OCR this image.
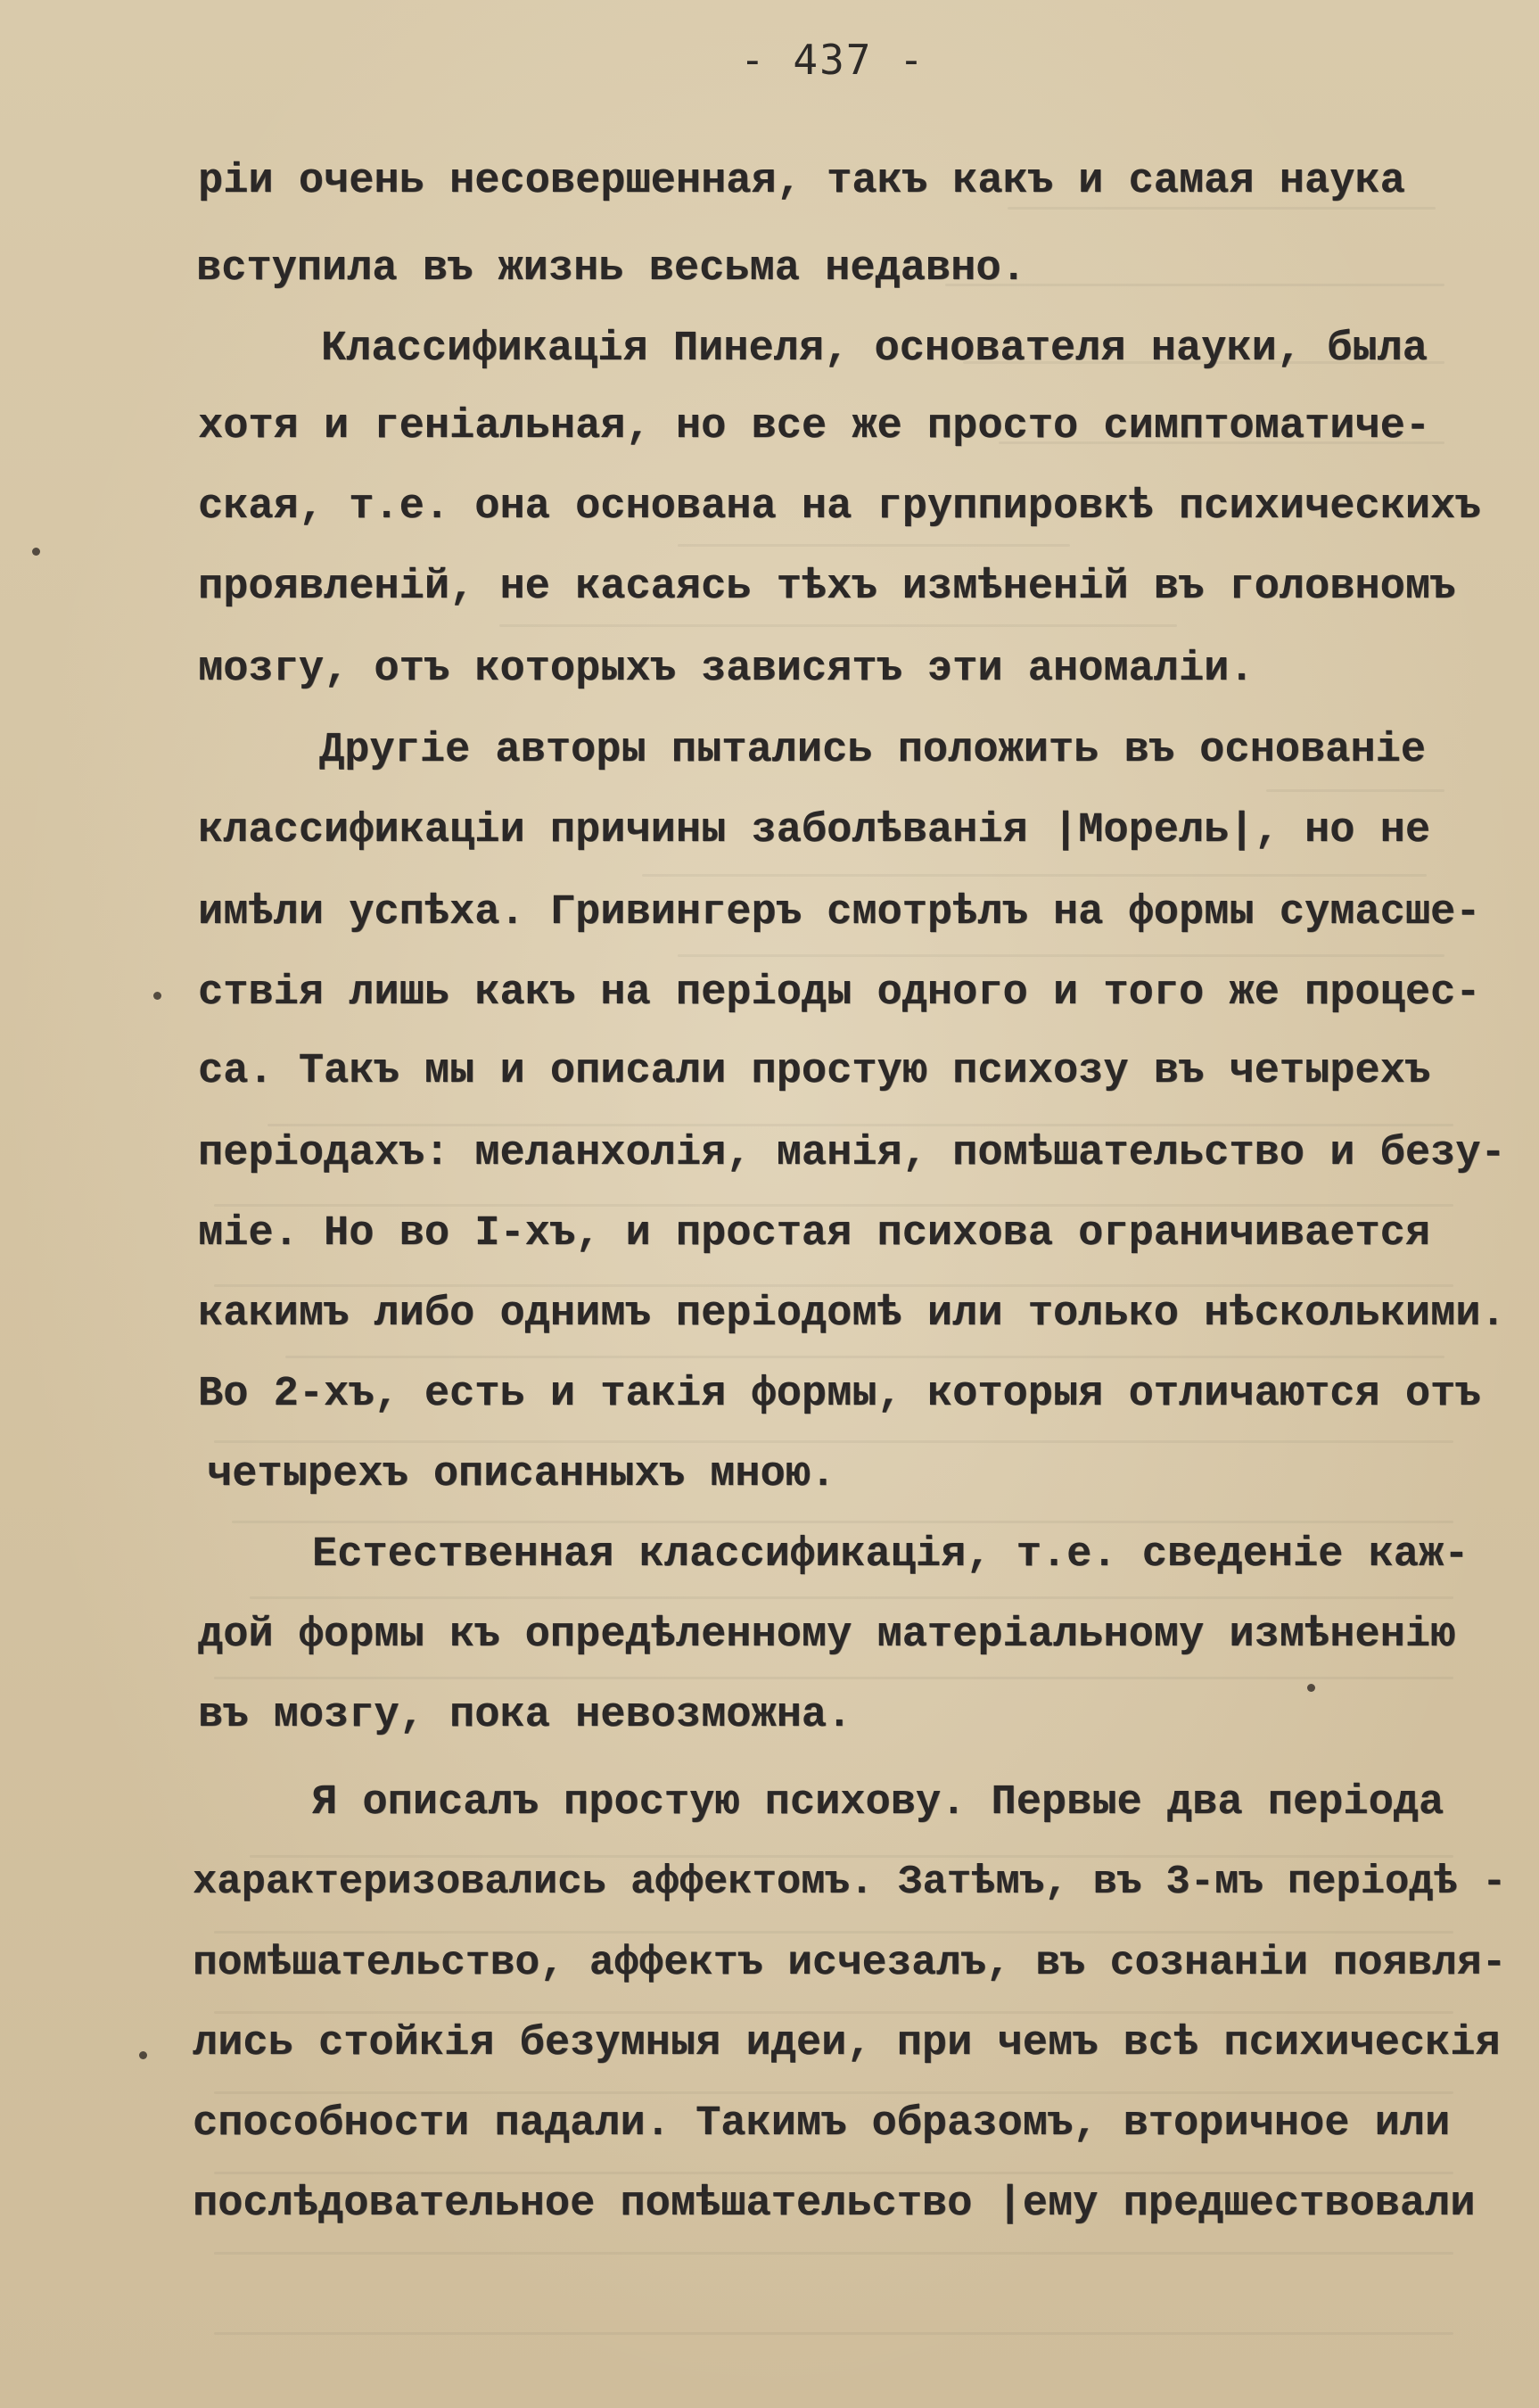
- 437 -
рiи очень несовершенная, такъ какъ и самая наука
вступила въ жизнь весьма недавно.
Классификацiя Пинеля, основателя науки, была
хотя и генiальная, но все же просто симптоматиче-
ская, т.е. она основана на группировкѣ психическихъ
проявленiй, не касаясь тѣхъ измѣненiй въ головномъ
мозгу, отъ которыхъ зависятъ эти аномалiи.
Другiе авторы пытались положить въ основанiе
классификацiи причины заболѣванiя |Морель|, но не
имѣли успѣха. Гривингеръ смотрѣлъ на формы сумасше-
ствiя лишь какъ на перiоды одного и того же процес-
са. Такъ мы и описали простую психозу въ четырехъ
перiодахъ: меланхолiя, манiя, помѣшательство и безу-
мiе. Но во I-хъ, и простая психова ограничивается
какимъ либо однимъ перiодомѣ или только нѣсколькими.
Во 2-хъ, есть и такiя формы, которыя отличаются отъ
четырехъ описанныхъ мною.
Естественная классификацiя, т.е. сведенiе каж-
дой формы къ опредѣленному матерiальному измѣненiю
въ мозгу, пока невозможна.
Я описалъ простую психову. Первые два перiода
характеризовались аффектомъ. Затѣмъ, въ 3-мъ перiодѣ -
помѣшательство, аффектъ исчезалъ, въ сознанiи появля-
лись стойкiя безумныя идеи, при чемъ всѣ психическiя
способности падали. Такимъ образомъ, вторичное или
послѣдовательное помѣшательство |ему предшествовали
